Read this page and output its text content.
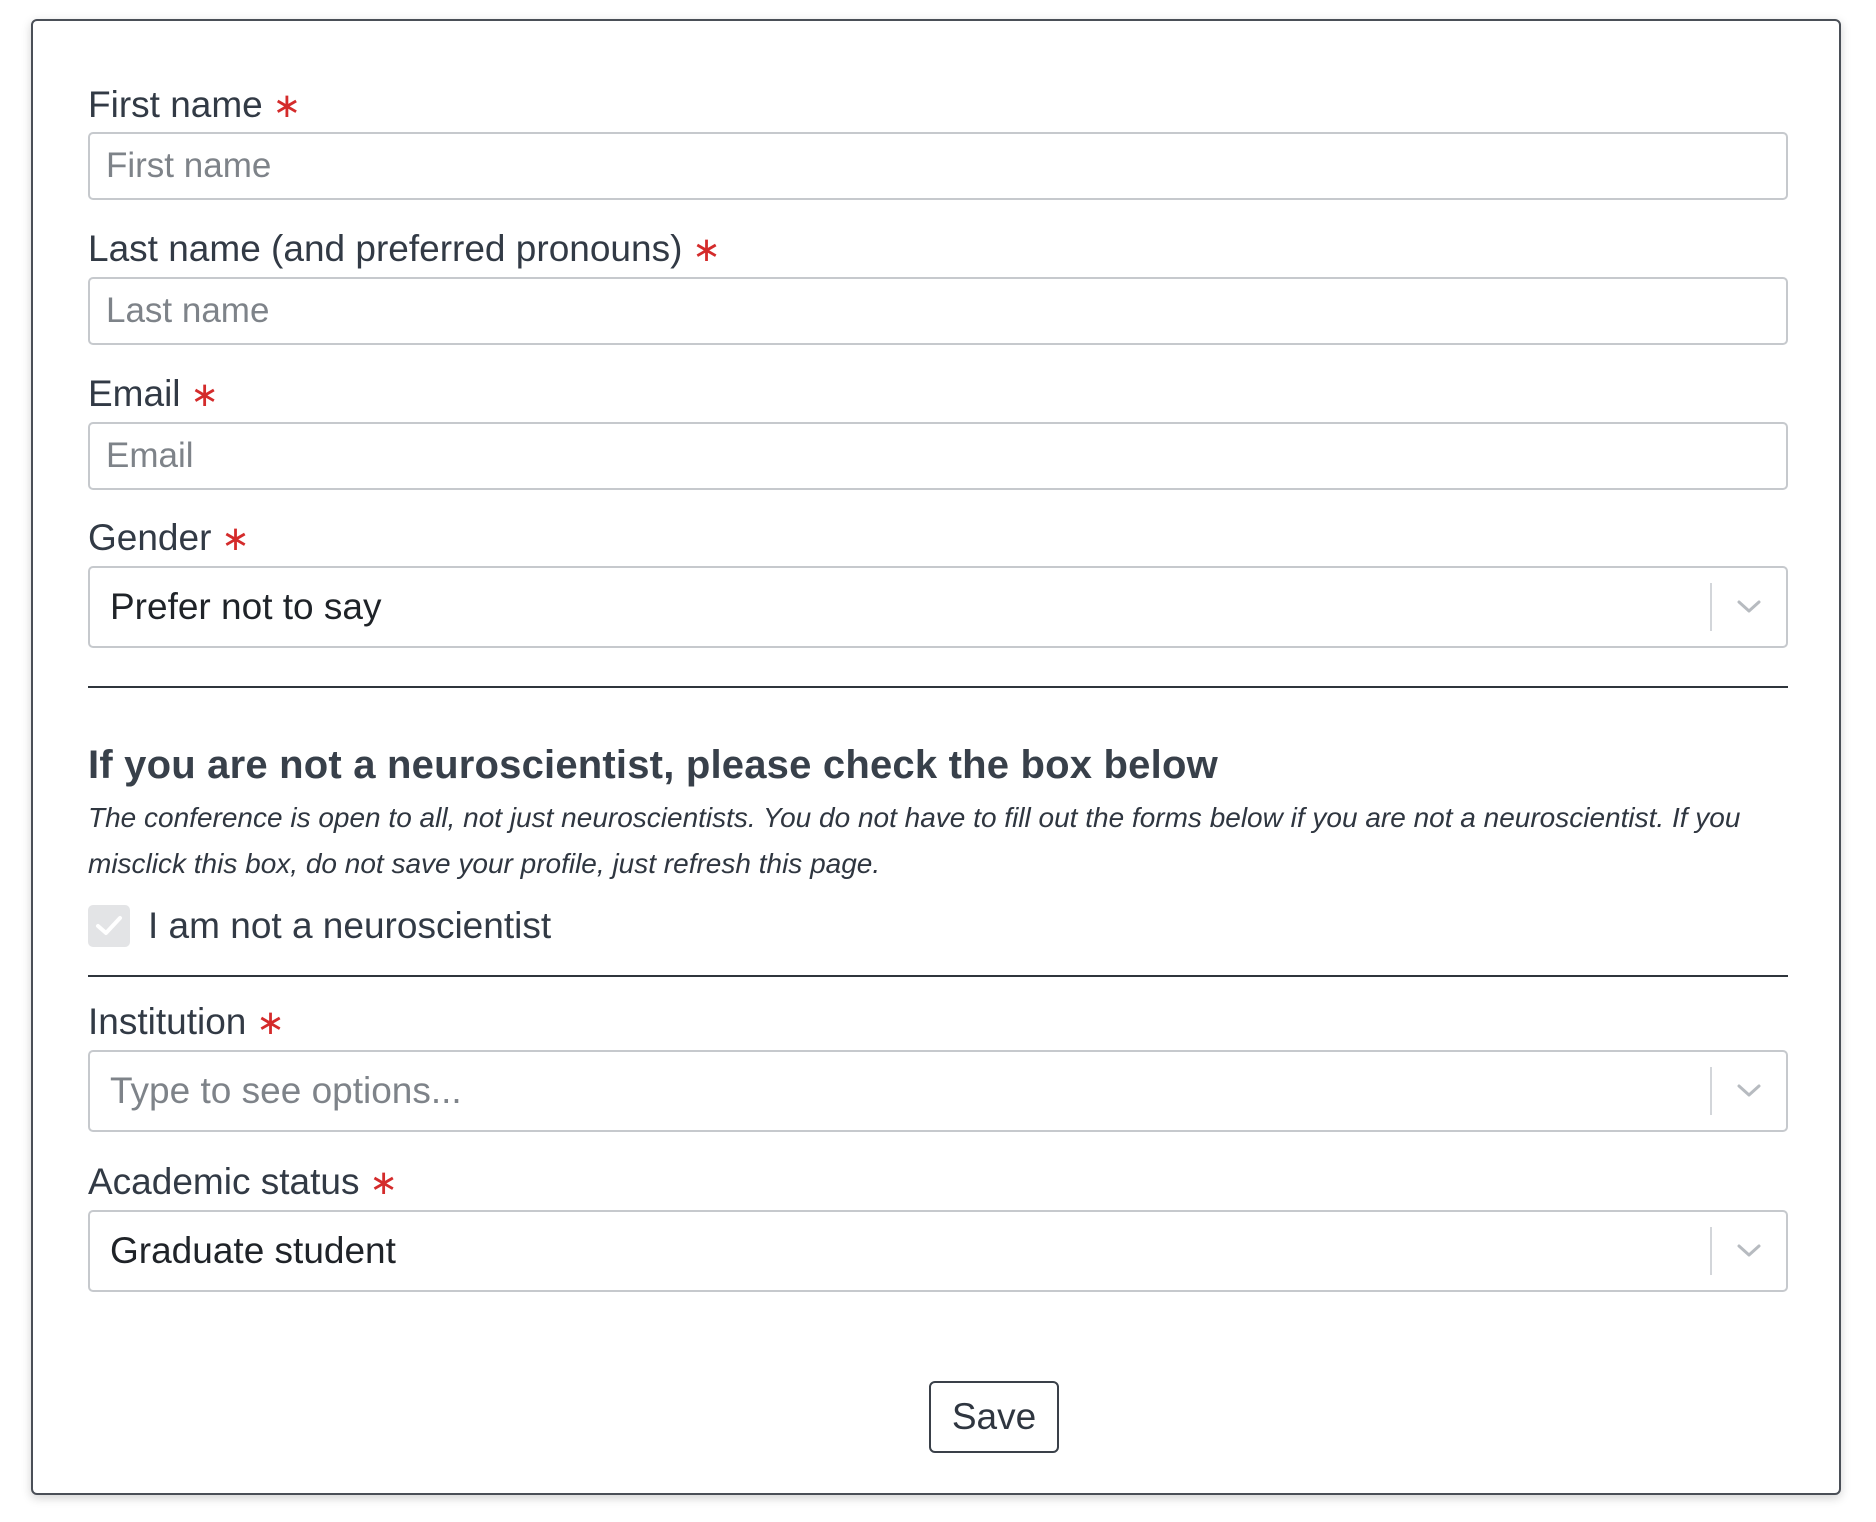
First name ∗
First name
Last name (and preferred pronouns) ∗
Last name
Email ∗
Email
Gender ∗
Prefer not to say
If you are not a neuroscientist, please check the box below
The conference is open to all, not just neuroscientists. You do not have to fill out the forms below if you are not a neuroscientist. If you misclick this box, do not save your profile, just refresh this page.
I am not a neuroscientist
Institution ∗
Type to see options...
Academic status ∗
Graduate student
Save
